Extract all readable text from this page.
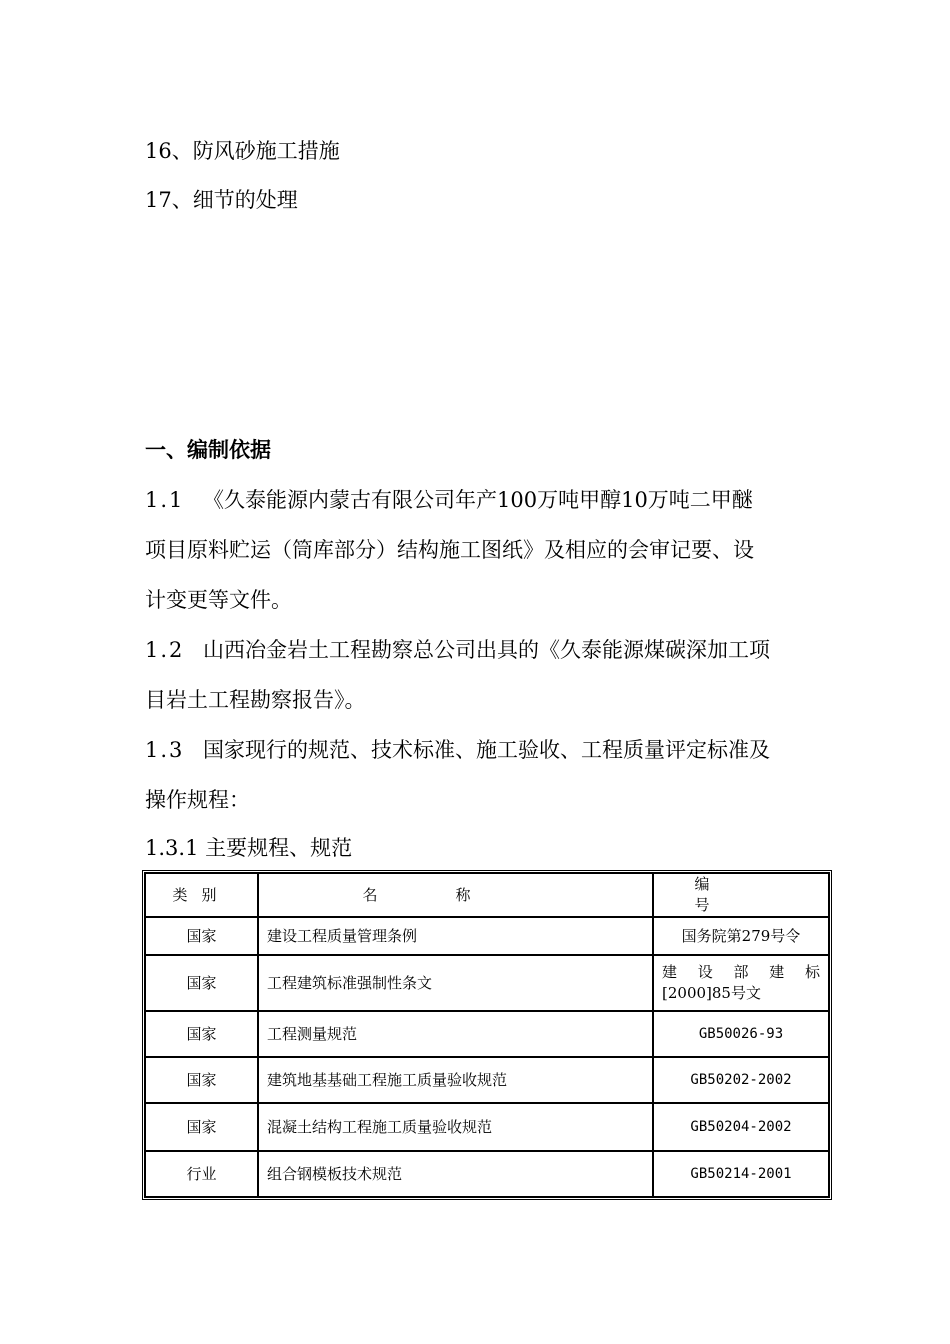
16、防风砂施工措施
17、细节的处理
一、编制依据
1.1 《久泰能源内蒙古有限公司年产100万吨甲醇10万吨二甲醚
项目原料贮运（筒库部分）结构施工图纸》及相应的会审记要、设
计变更等文件。
1.2 山西冶金岩土工程勘察总公司出具的《久泰能源煤碳深加工项
目岩土工程勘察报告》。
1.3 国家现行的规范、技术标准、施工验收、工程质量评定标准及
操作规程：
1.3.1 主要规程、规范
类别	名称	编号
国家	建设工程质量管理条例	国务院第279号令
国家	工程建筑标准强制性条文	建设部建标
[2000]85号文

国家	工程测量规范	GB50026-93
国家	建筑地基基础工程施工质量验收规范	GB50202-2002
国家	混凝土结构工程施工质量验收规范	GB50204-2002
行业	组合钢模板技术规范	GB50214-2001
